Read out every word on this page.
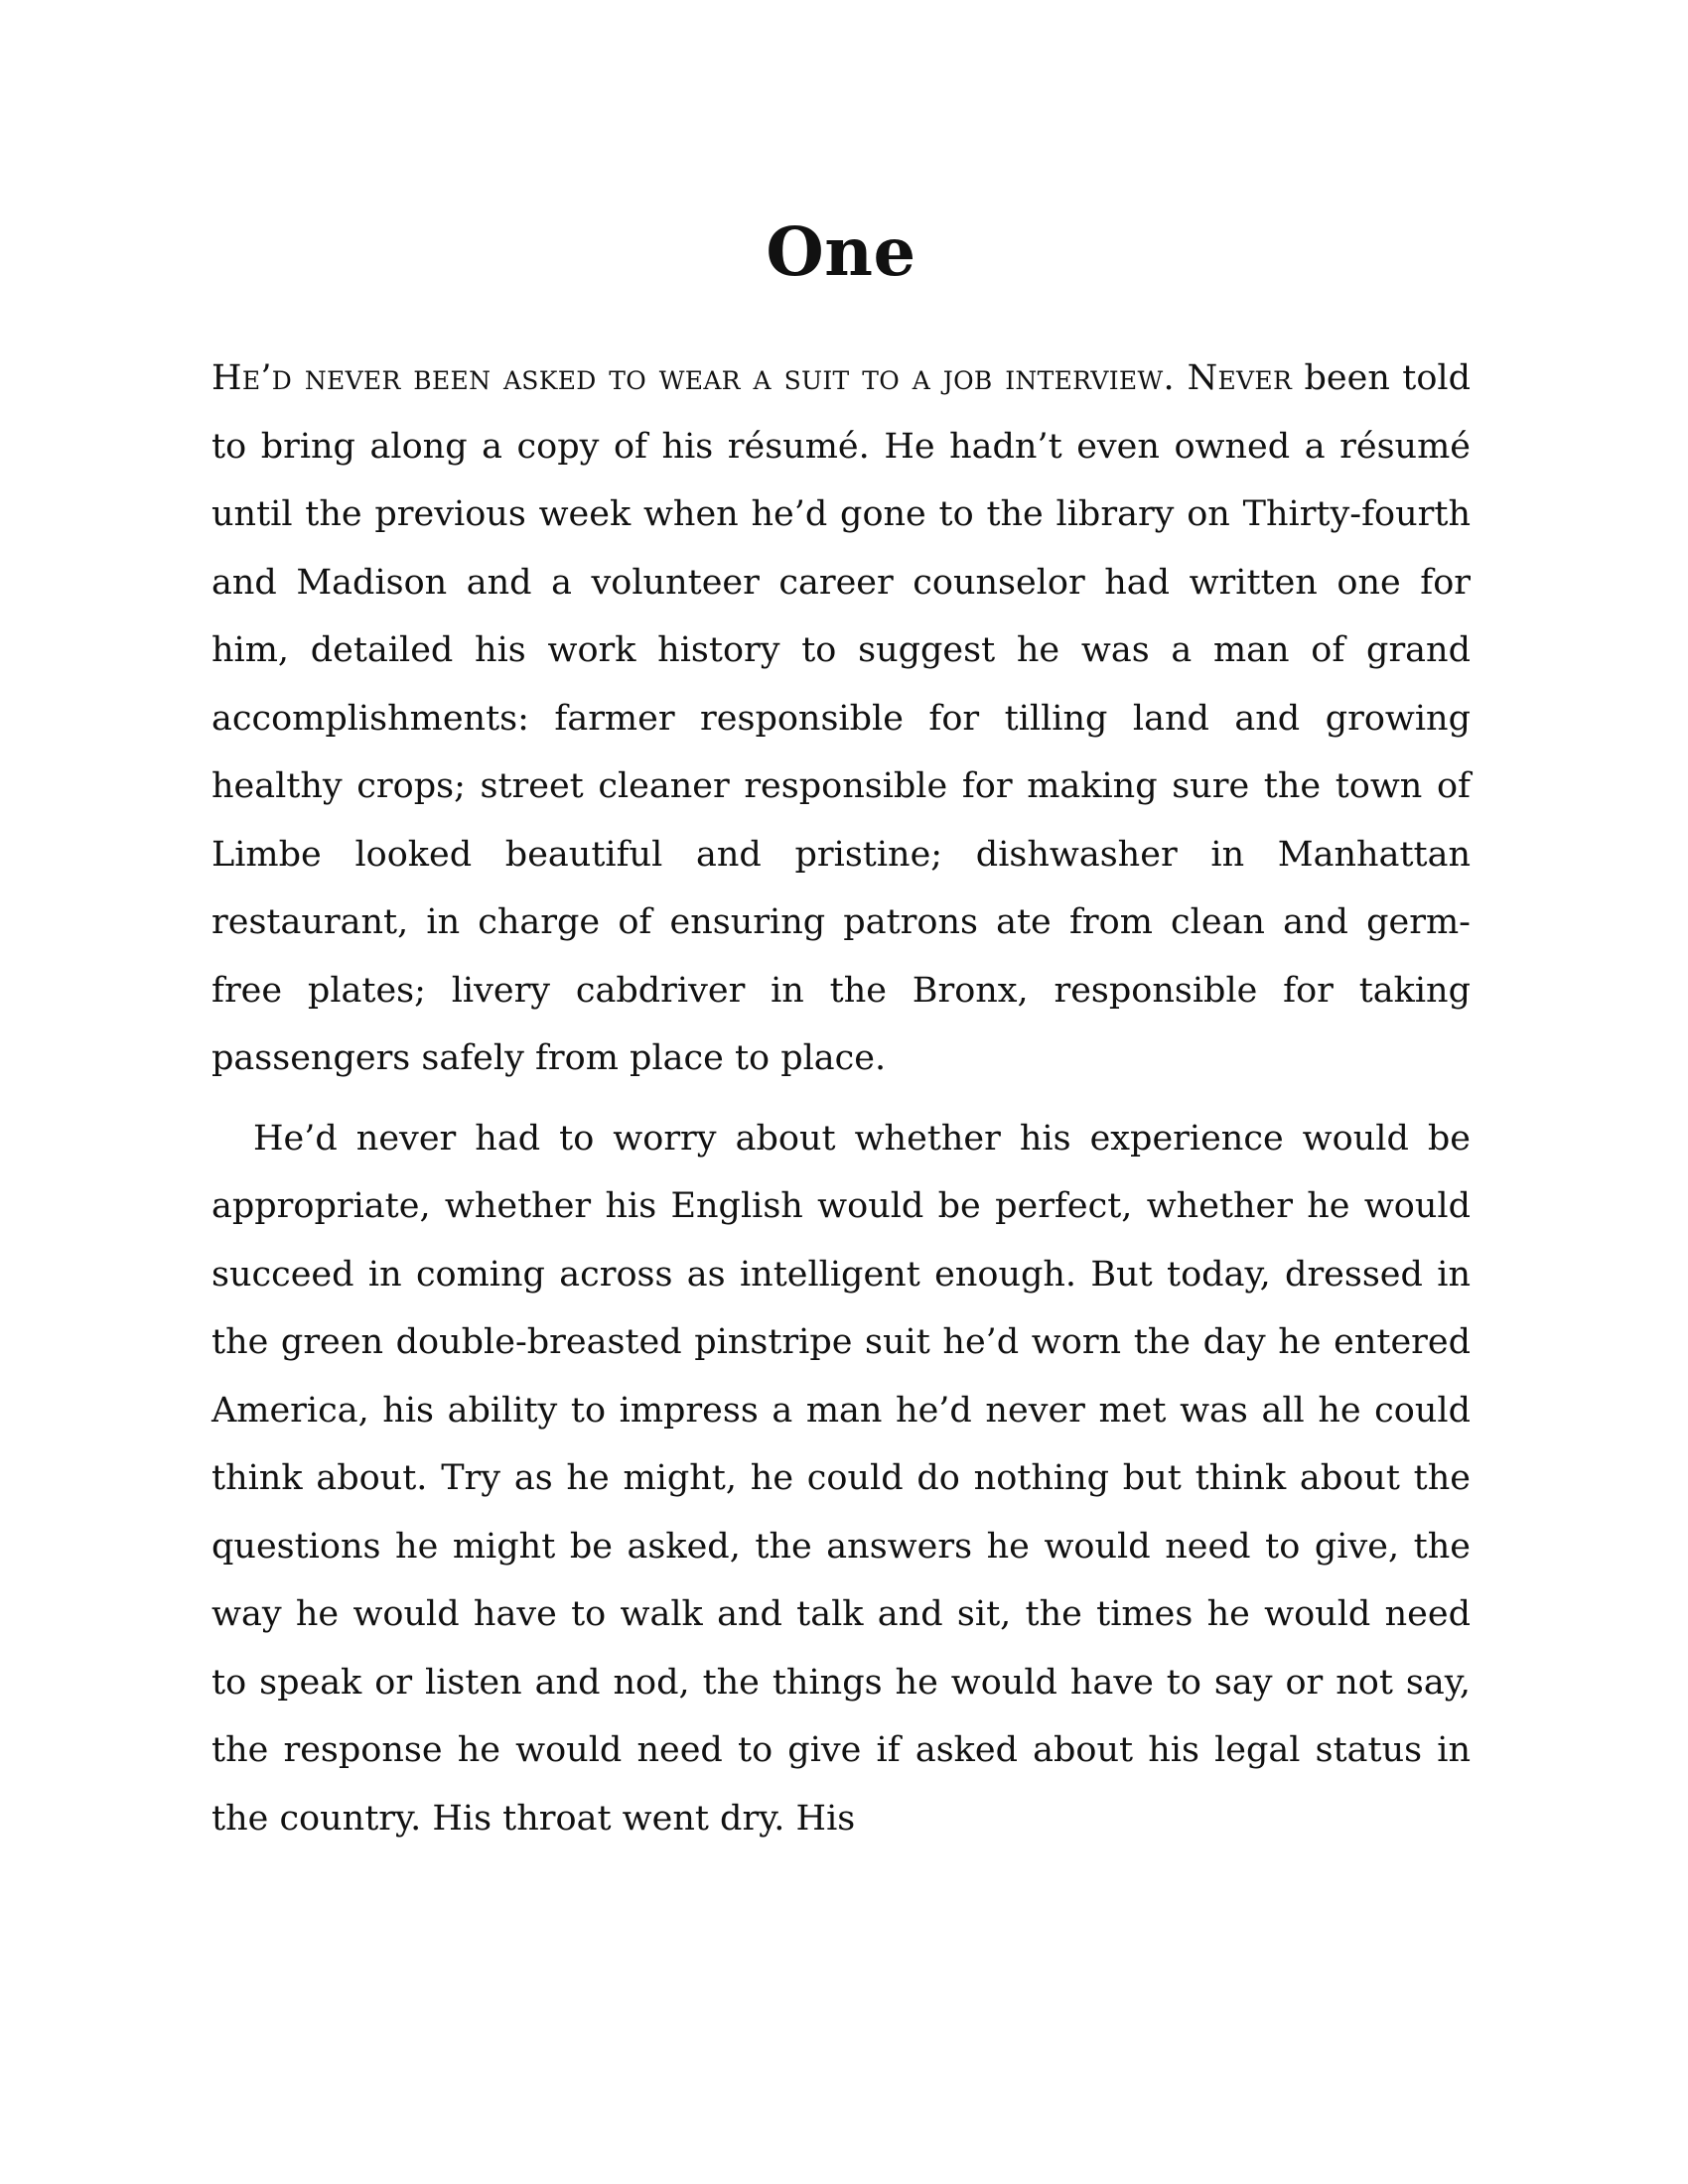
One

He’d never been asked to wear a suit to a job interview. Never been told to bring along a copy of his résumé. He hadn’t even owned a résumé until the previous week when he’d gone to the library on Thirty-fourth and Madison and a volunteer career counselor had written one for him, detailed his work history to suggest he was a man of grand accomplishments: farmer responsible for tilling land and growing healthy crops; street cleaner responsible for making sure the town of Limbe looked beautiful and pristine; dishwasher in Manhattan restaurant, in charge of ensuring patrons ate from clean and germ-free plates; livery cabdriver in the Bronx, responsible for taking passengers safely from place to place.

He’d never had to worry about whether his experience would be appropriate, whether his English would be perfect, whether he would succeed in coming across as intelligent enough. But today, dressed in the green double-breasted pinstripe suit he’d worn the day he entered America, his ability to impress a man he’d never met was all he could think about. Try as he might, he could do nothing but think about the questions he might be asked, the answers he would need to give, the way he would have to walk and talk and sit, the times he would need to speak or listen and nod, the things he would have to say or not say, the response he would need to give if asked about his legal status in the country. His throat went dry. His
